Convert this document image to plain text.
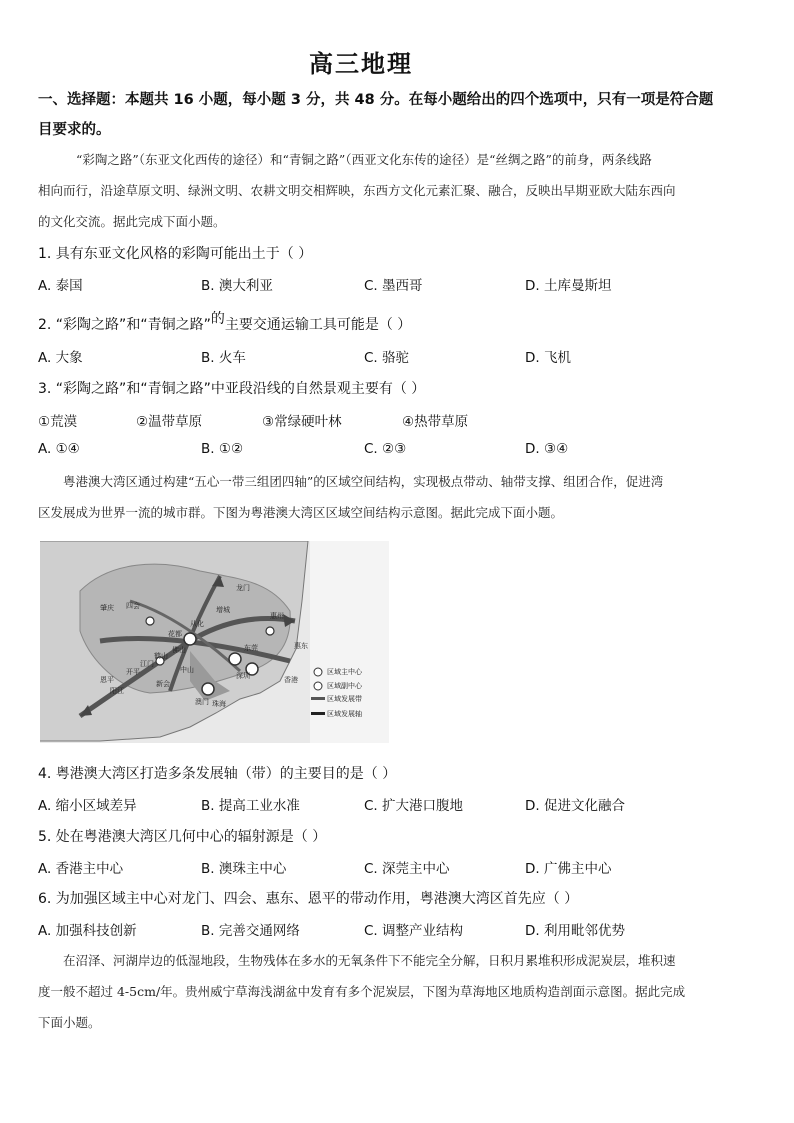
高三地理
一、选择题：本题共 16 小题，每小题 3 分，共 48 分。在每小题给出的四个选项中，只有一项是符合题
目要求的。
“彩陶之路”（东亚文化西传的途径）和“青铜之路”（西亚文化东传的途径）是“丝绸之路”的前身，两条线路
相向而行，沿途草原文明、绿洲文明、农耕文明交相辉映，东西方文化元素汇聚、融合，反映出早期亚欧大陆东西向
的文化交流。据此完成下面小题。
1. 具有东亚文化风格的彩陶可能出土于（ ）
A. 泰国	B. 澳大利亚	C. 墨西哥	D. 土库曼斯坦
2. “彩陶之路”和“青铜之路”的主要交通运输工具可能是（ ）
A. 大象	B. 火车	C. 骆驼	D. 飞机
3. “彩陶之路”和“青铜之路”中亚段沿线的自然景观主要有（ ）
①荒漠	②温带草原	③常绿硬叶林	④热带草原
A. ①④	B. ①②	C. ②③	D. ③④
粤港澳大湾区通过构建“五心一带三组团四轴”的区域空间结构，实现极点带动、轴带支撑、组团合作，促进湾
区发展成为世界一流的城市群。下图为粤港澳大湾区区域空间结构示意图。据此完成下面小题。
肇庆 四会
花都
从化
增城
惠州
东莞
深圳	香港
澳门 珠海
中山
江门
佛山
开平
新会
阳江
鹤山
恩平
龙门
惠东
区域主中心
区域副中心
区域发展带
区域发展轴
4. 粤港澳大湾区打造多条发展轴（带）的主要目的是（ ）
A. 缩小区域差异	B. 提高工业水准	C. 扩大港口腹地	D. 促进文化融合
5. 处在粤港澳大湾区几何中心的辐射源是（ ）
A. 香港主中心	B. 澳珠主中心	C. 深莞主中心	D. 广佛主中心
6. 为加强区域主中心对龙门、四会、惠东、恩平的带动作用，粤港澳大湾区首先应（ ）
A. 加强科技创新	B. 完善交通网络	C. 调整产业结构	D. 利用毗邻优势
在沼泽、河湖岸边的低湿地段，生物残体在多水的无氧条件下不能完全分解，日积月累堆积形成泥炭层，堆积速
度一般不超过 4-5cm/年。贵州威宁草海浅湖盆中发育有多个泥炭层，下图为草海地区地质构造剖面示意图。据此完成
下面小题。
